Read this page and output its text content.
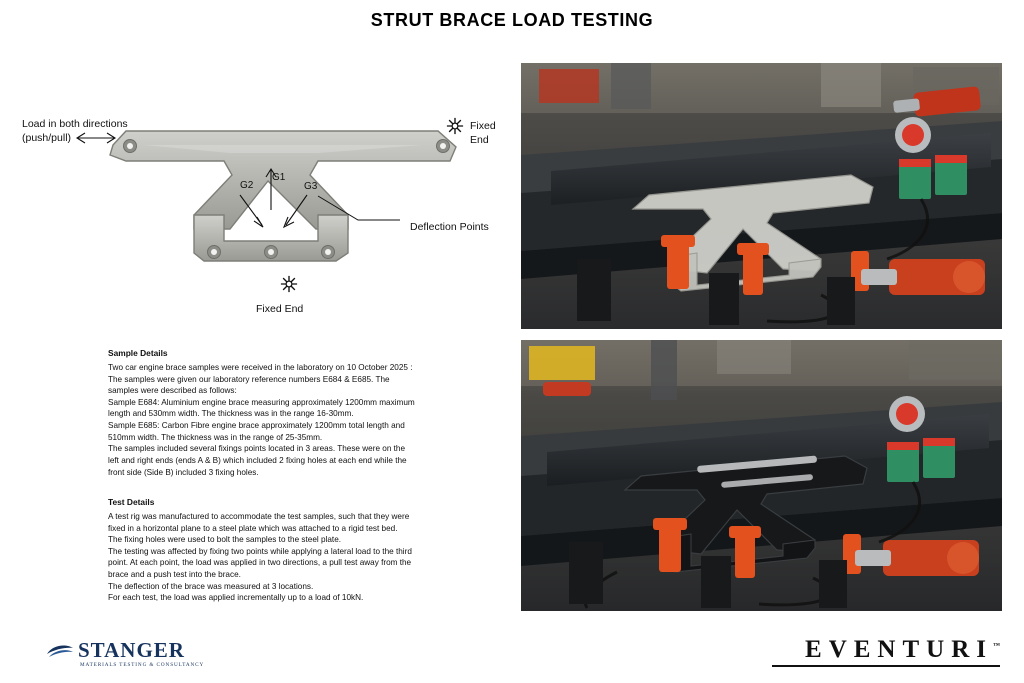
STRUT BRACE LOAD TESTING
Load in both directions
(push/pull)
G1
G2	G3
Deflection Points
Fixed End
Fixed End
Sample Details

Two car engine brace samples were received in the laboratory on 10 October 2025 :

The samples were given our laboratory reference numbers E684 & E685. The

samples were described as follows:

Sample E684: Aluminium engine brace measuring approximately 1200mm maximum

length and 530mm width. The thickness was in the range 16-30mm.

Sample E685: Carbon Fibre engine brace approximately 1200mm total length and

510mm width. The thickness was in the range of 25-35mm.

The samples included several fixings points located in 3 areas. These were on the

left and right ends (ends A & B) which included 2 fixing holes at each end while the

front side (Side B) included 3 fixing holes.

Test Details

A test rig was manufactured to accommodate the test samples, such that they were

fixed in a horizontal plane to a steel plate which was attached to a rigid test bed.

The fixing holes were used to bolt the samples to the steel plate.

The testing was affected by fixing two points while applying a lateral load to the third

point. At each point, the load was applied in two directions, a pull test away from the

brace and a push test into the brace.

The deflection of the brace was measured at 3 locations.

For each test, the load was applied incrementally up to a load of 10kN.

STANGER
MATERIALS TESTING & CONSULTANCY
EVENTURI™
